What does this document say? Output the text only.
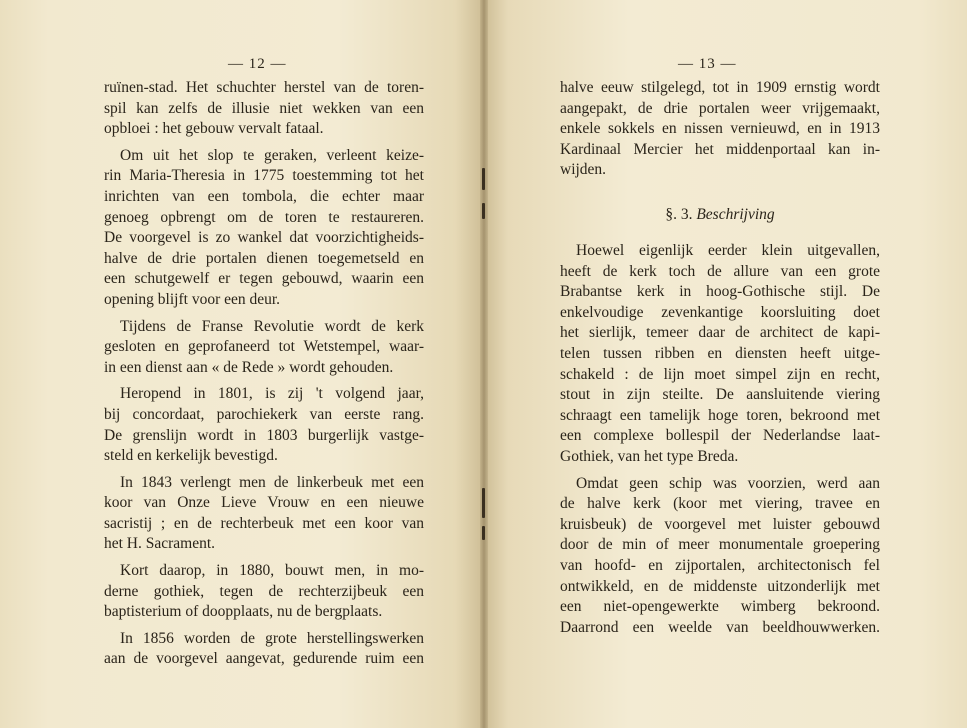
— 12 —
ruïnen-stad. Het schuchter herstel van de toren-
spil kan zelfs de illusie niet wekken van een
opbloei : het gebouw vervalt fataal.
Om uit het slop te geraken, verleent keize-
rin Maria-Theresia in 1775 toestemming tot het
inrichten van een tombola, die echter maar
genoeg opbrengt om de toren te restaureren.
De voorgevel is zo wankel dat voorzichtigheids-
halve de drie portalen dienen toegemetseld en
een schutgewelf er tegen gebouwd, waarin een
opening blijft voor een deur.
Tijdens de Franse Revolutie wordt de kerk
gesloten en geprofaneerd tot Wetstempel, waar-
in een dienst aan « de Rede » wordt gehouden.
Heropend in 1801, is zij 't volgend jaar,
bij concordaat, parochiekerk van eerste rang.
De grenslijn wordt in 1803 burgerlijk vastge-
steld en kerkelijk bevestigd.
In 1843 verlengt men de linkerbeuk met een
koor van Onze Lieve Vrouw en een nieuwe
sacristij ; en de rechterbeuk met een koor van
het H. Sacrament.
Kort daarop, in 1880, bouwt men, in mo-
derne gothiek, tegen de rechterzijbeuk een
baptisterium of doopplaats, nu de bergplaats.
In 1856 worden de grote herstellingswerken
aan de voorgevel aangevat, gedurende ruim een
— 13 —
halve eeuw stilgelegd, tot in 1909 ernstig wordt
aangepakt, de drie portalen weer vrijgemaakt,
enkele sokkels en nissen vernieuwd, en in 1913
Kardinaal Mercier het middenportaal kan in-
wijden.
§. 3. Beschrijving
Hoewel eigenlijk eerder klein uitgevallen,
heeft de kerk toch de allure van een grote
Brabantse kerk in hoog-Gothische stijl. De
enkelvoudige zevenkantige koorsluiting doet
het sierlijk, temeer daar de architect de kapi-
telen tussen ribben en diensten heeft uitge-
schakeld : de lijn moet simpel zijn en recht,
stout in zijn steilte. De aansluitende viering
schraagt een tamelijk hoge toren, bekroond met
een complexe bollespil der Nederlandse laat-
Gothiek, van het type Breda.
Omdat geen schip was voorzien, werd aan
de halve kerk (koor met viering, travee en
kruisbeuk) de voorgevel met luister gebouwd
door de min of meer monumentale groepering
van hoofd- en zijportalen, architectonisch fel
ontwikkeld, en de middenste uitzonderlijk met
een niet-opengewerkte wimberg bekroond.
Daarrond een weelde van beeldhouwwerken.
